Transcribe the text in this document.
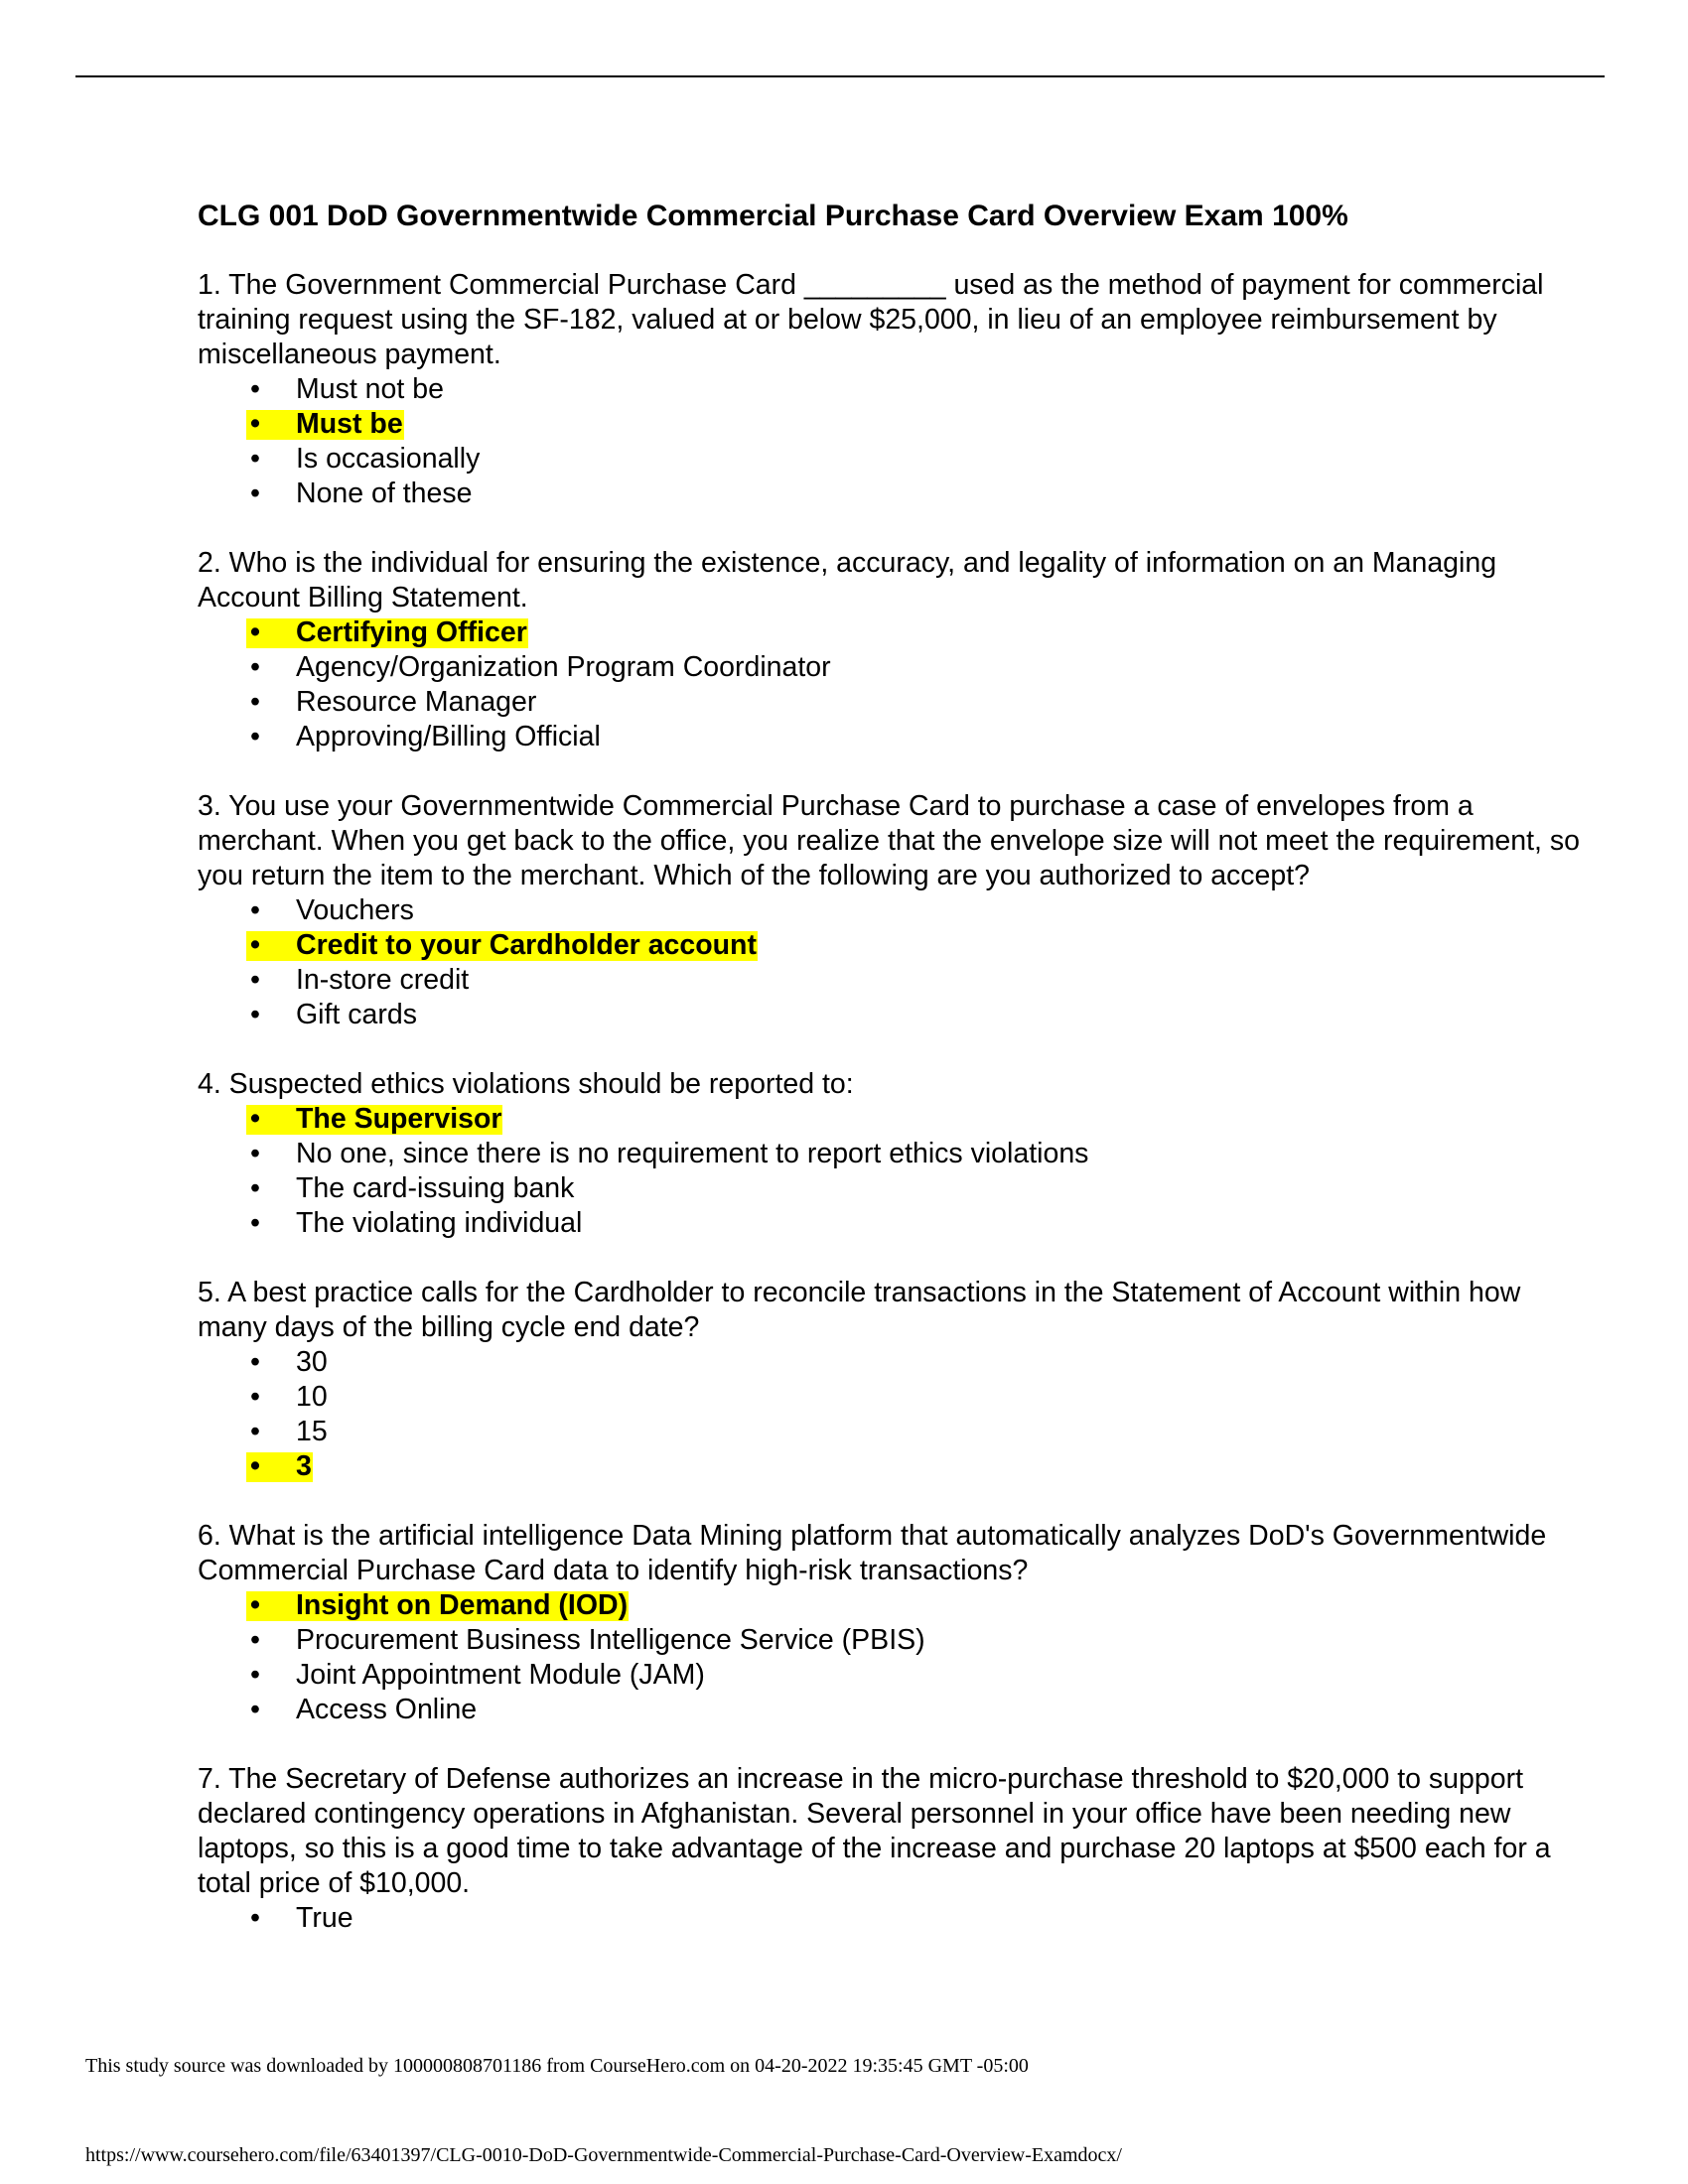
CLG 001 DoD Governmentwide Commercial Purchase Card Overview Exam 100%

1. The Government Commercial Purchase Card _________ used as the method of payment for commercial training request using the SF-182, valued at or below $25,000, in lieu of an employee reimbursement by miscellaneous payment.

• Must not be
• Must be
• Is occasionally
• None of these

2. Who is the individual for ensuring the existence, accuracy, and legality of information on an Managing Account Billing Statement.

• Certifying Officer
• Agency/Organization Program Coordinator
• Resource Manager
• Approving/Billing Official

3. You use your Governmentwide Commercial Purchase Card to purchase a case of envelopes from a merchant. When you get back to the office, you realize that the envelope size will not meet the requirement, so you return the item to the merchant. Which of the following are you authorized to accept?

• Vouchers
• Credit to your Cardholder account
• In-store credit
• Gift cards

4. Suspected ethics violations should be reported to:

• The Supervisor
• No one, since there is no requirement to report ethics violations
• The card-issuing bank
• The violating individual

5. A best practice calls for the Cardholder to reconcile transactions in the Statement of Account within how many days of the billing cycle end date?

• 30
• 10
• 15
• 3

6. What is the artificial intelligence Data Mining platform that automatically analyzes DoD's Governmentwide Commercial Purchase Card data to identify high-risk transactions?

• Insight on Demand (IOD)
• Procurement Business Intelligence Service (PBIS)
• Joint Appointment Module (JAM)
• Access Online

7. The Secretary of Defense authorizes an increase in the micro-purchase threshold to $20,000 to support declared contingency operations in Afghanistan. Several personnel in your office have been needing new laptops, so this is a good time to take advantage of the increase and purchase 20 laptops at $500 each for a total price of $10,000.

• True
This study source was downloaded by 100000808701186 from CourseHero.com on 04-20-2022 19:35:45 GMT -05:00
https://www.coursehero.com/file/63401397/CLG-0010-DoD-Governmentwide-Commercial-Purchase-Card-Overview-Examdocx/
